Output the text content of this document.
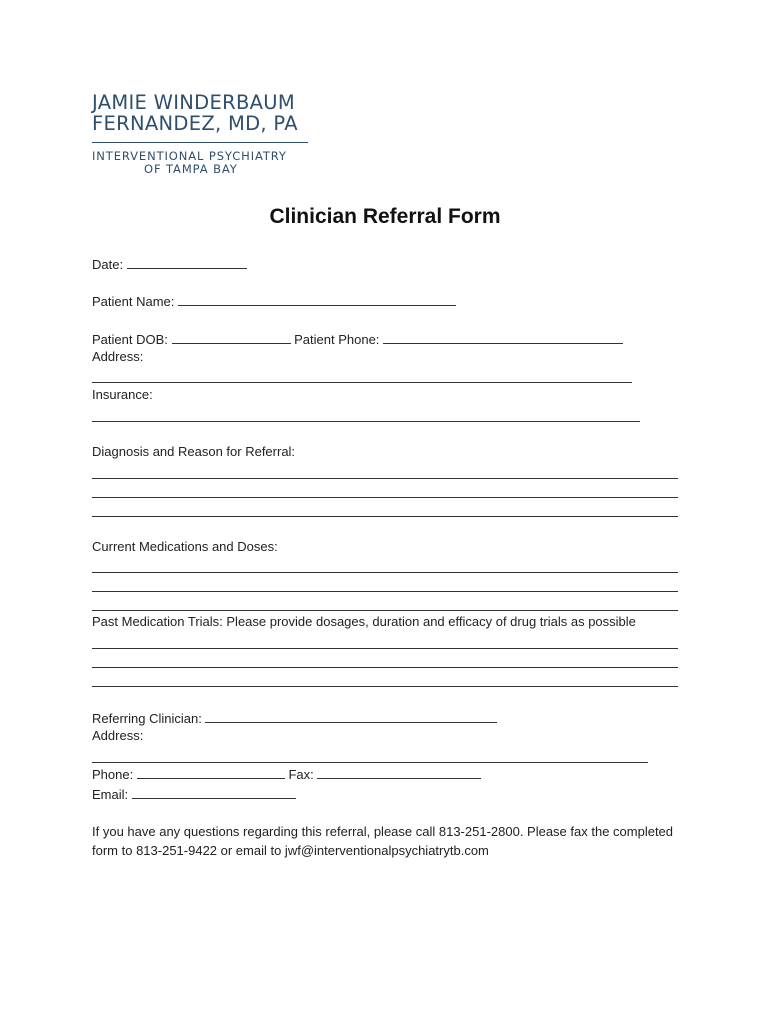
JAMIE WINDERBAUM
FERNANDEZ, MD, PA
INTERVENTIONAL PSYCHIATRY
OF TAMPA BAY
Clinician Referral Form
Date:
Patient Name:
Patient DOB:	Patient Phone:
Address:
Insurance:
Diagnosis and Reason for Referral:
Current Medications and Doses:
Past Medication Trials: Please provide dosages, duration and efficacy of drug trials as possible
Referring Clinician:
Address:
Phone:	Fax:
Email:
If you have any questions regarding this referral, please call 813-251-2800. Please fax the completed form to 813-251-9422 or email to jwf@interventionalpsychiatrytb.com
